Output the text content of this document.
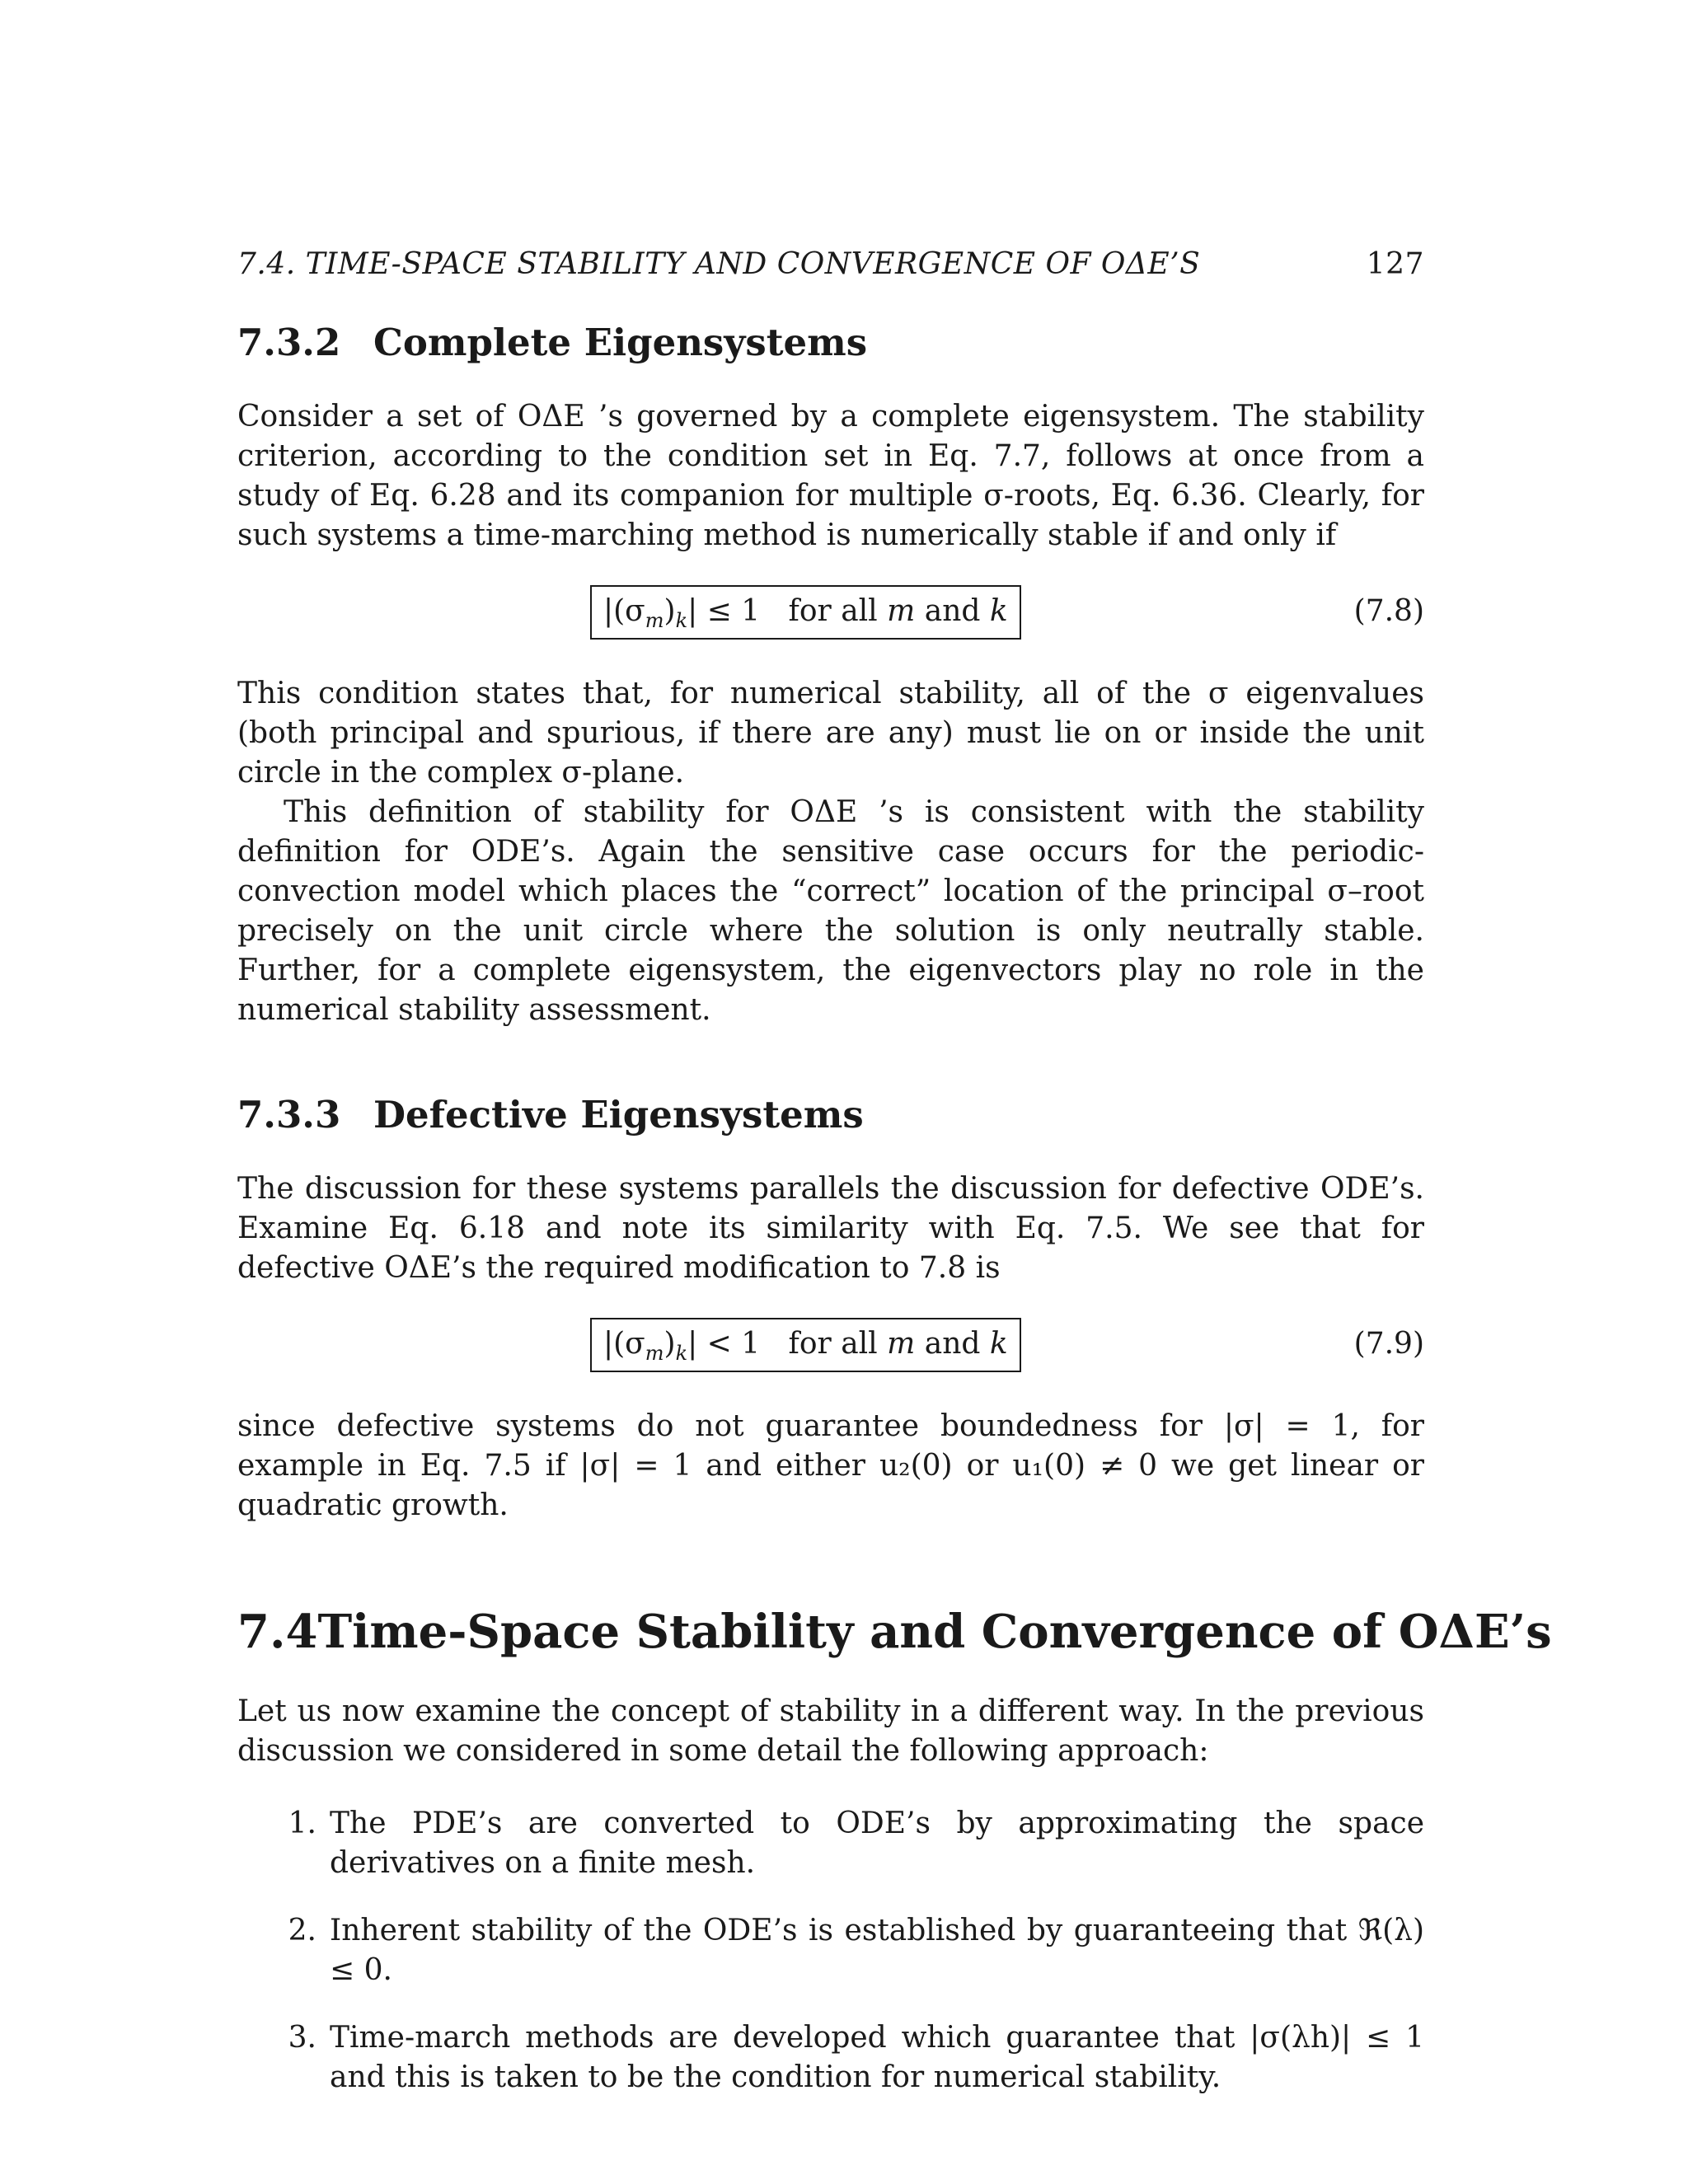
7.4. TIME-SPACE STABILITY AND CONVERGENCE OF OΔE’S	127
7.3.2 Complete Eigensystems

Consider a set of OΔE ’s governed by a complete eigensystem. The stability criterion, according to the condition set in Eq. 7.7, follows at once from a study of Eq. 6.28 and its companion for multiple σ-roots, Eq. 6.36. Clearly, for such systems a time-marching method is numerically stable if and only if

$|(\sigma_m)_k| \le 1$ for all m and k	(7.8)

This condition states that, for numerical stability, all of the σ eigenvalues (both principal and spurious, if there are any) must lie on or inside the unit circle in the complex σ-plane.

This definition of stability for OΔE ’s is consistent with the stability definition for ODE’s. Again the sensitive case occurs for the periodic-convection model which places the “correct” location of the principal σ–root precisely on the unit circle where the solution is only neutrally stable. Further, for a complete eigensystem, the eigenvectors play no role in the numerical stability assessment.

7.3.3 Defective Eigensystems

The discussion for these systems parallels the discussion for defective ODE’s. Examine Eq. 6.18 and note its similarity with Eq. 7.5. We see that for defective OΔE’s the required modification to 7.8 is

$|(\sigma_m)_k| < 1$ for all m and k	(7.9)

since defective systems do not guarantee boundedness for |σ| = 1, for example in Eq. 7.5 if |σ| = 1 and either u₂(0) or u₁(0) ≠ 0 we get linear or quadratic growth.

7.4 Time-Space Stability and Convergence of OΔE’s

Let us now examine the concept of stability in a different way. In the previous discussion we considered in some detail the following approach:

1. The PDE’s are converted to ODE’s by approximating the space derivatives on a finite mesh.
2. Inherent stability of the ODE’s is established by guaranteeing that ℜ(λ) ≤ 0.
3. Time-march methods are developed which guarantee that |σ(λh)| ≤ 1 and this is taken to be the condition for numerical stability.
